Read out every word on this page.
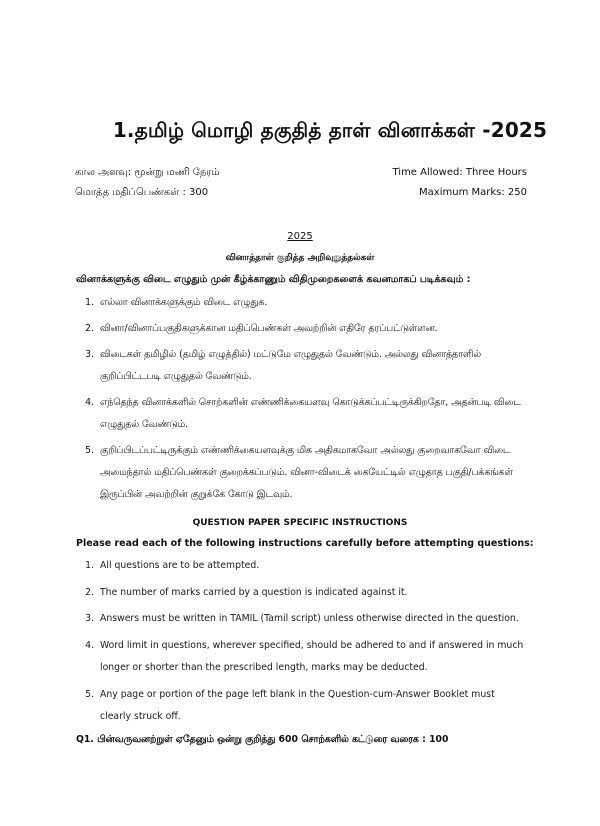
1.தமிழ் மொழி தகுதித் தாள் வினாக்கள் -2025
கால அளவு: மூன்று மணி நேரம்	Time Allowed: Three Hours
மொத்த மதிப்பெண்கள் : 300	Maximum Marks: 250
2025
வினாத்தாள் குறித்த அறிவுறுத்தல்கள்
வினாக்களுக்கு விடை எழுதும் முன் கீழ்க்காணும் விதிமுறைகளைக் கவனமாகப் படிக்கவும் :
1. எல்லா வினாக்களுக்கும் விடை எழுதுக.
2. வினா/வினாப்பகுதிகளுக்கான மதிப்பெண்கள் அவற்றின் எதிரே தரப்பட்டுள்ளன.
3. விடைகள் தமிழில் (தமிழ் எழுத்தில்) மட்டுமே எழுதுதல் வேண்டும். அல்லது வினாத்தாளில் குறிப்பிட்டபடி எழுதுதல் வேண்டும்.
4. எந்தெந்த வினாக்களில் சொற்களின் எண்ணிக்கையளவு கொடுக்கப்பட்டிருக்கிறதோ, அதன்படி விடை எழுதுதல் வேண்டும்.
5. குறிப்பிடப்பட்டிருக்கும் எண்ணிக்கையளவுக்கு மிக அதிகமாகவோ அல்லது குறைவாகவோ விடை அமைந்தால் மதிப்பெண்கள் குறைக்கப்படும். வினா-விடைக் கையேட்டில் எழுதாத பகுதி/பக்கங்கள் இருப்பின் அவற்றின் குறுக்கே கோடு இடவும்.
QUESTION PAPER SPECIFIC INSTRUCTIONS
Please read each of the following instructions carefully before attempting questions:
1. All questions are to be attempted.
2. The number of marks carried by a question is indicated against it.
3. Answers must be written in TAMIL (Tamil script) unless otherwise directed in the question.
4. Word limit in questions, wherever specified, should be adhered to and if answered in much longer or shorter than the prescribed length, marks may be deducted.
5. Any page or portion of the page left blank in the Question-cum-Answer Booklet must clearly struck off.
Q1. பின்வருவனற்றுள் ஏதேனும் ஒன்று குறித்து 600 சொற்களில் கட்டுரை வரைக : 100
